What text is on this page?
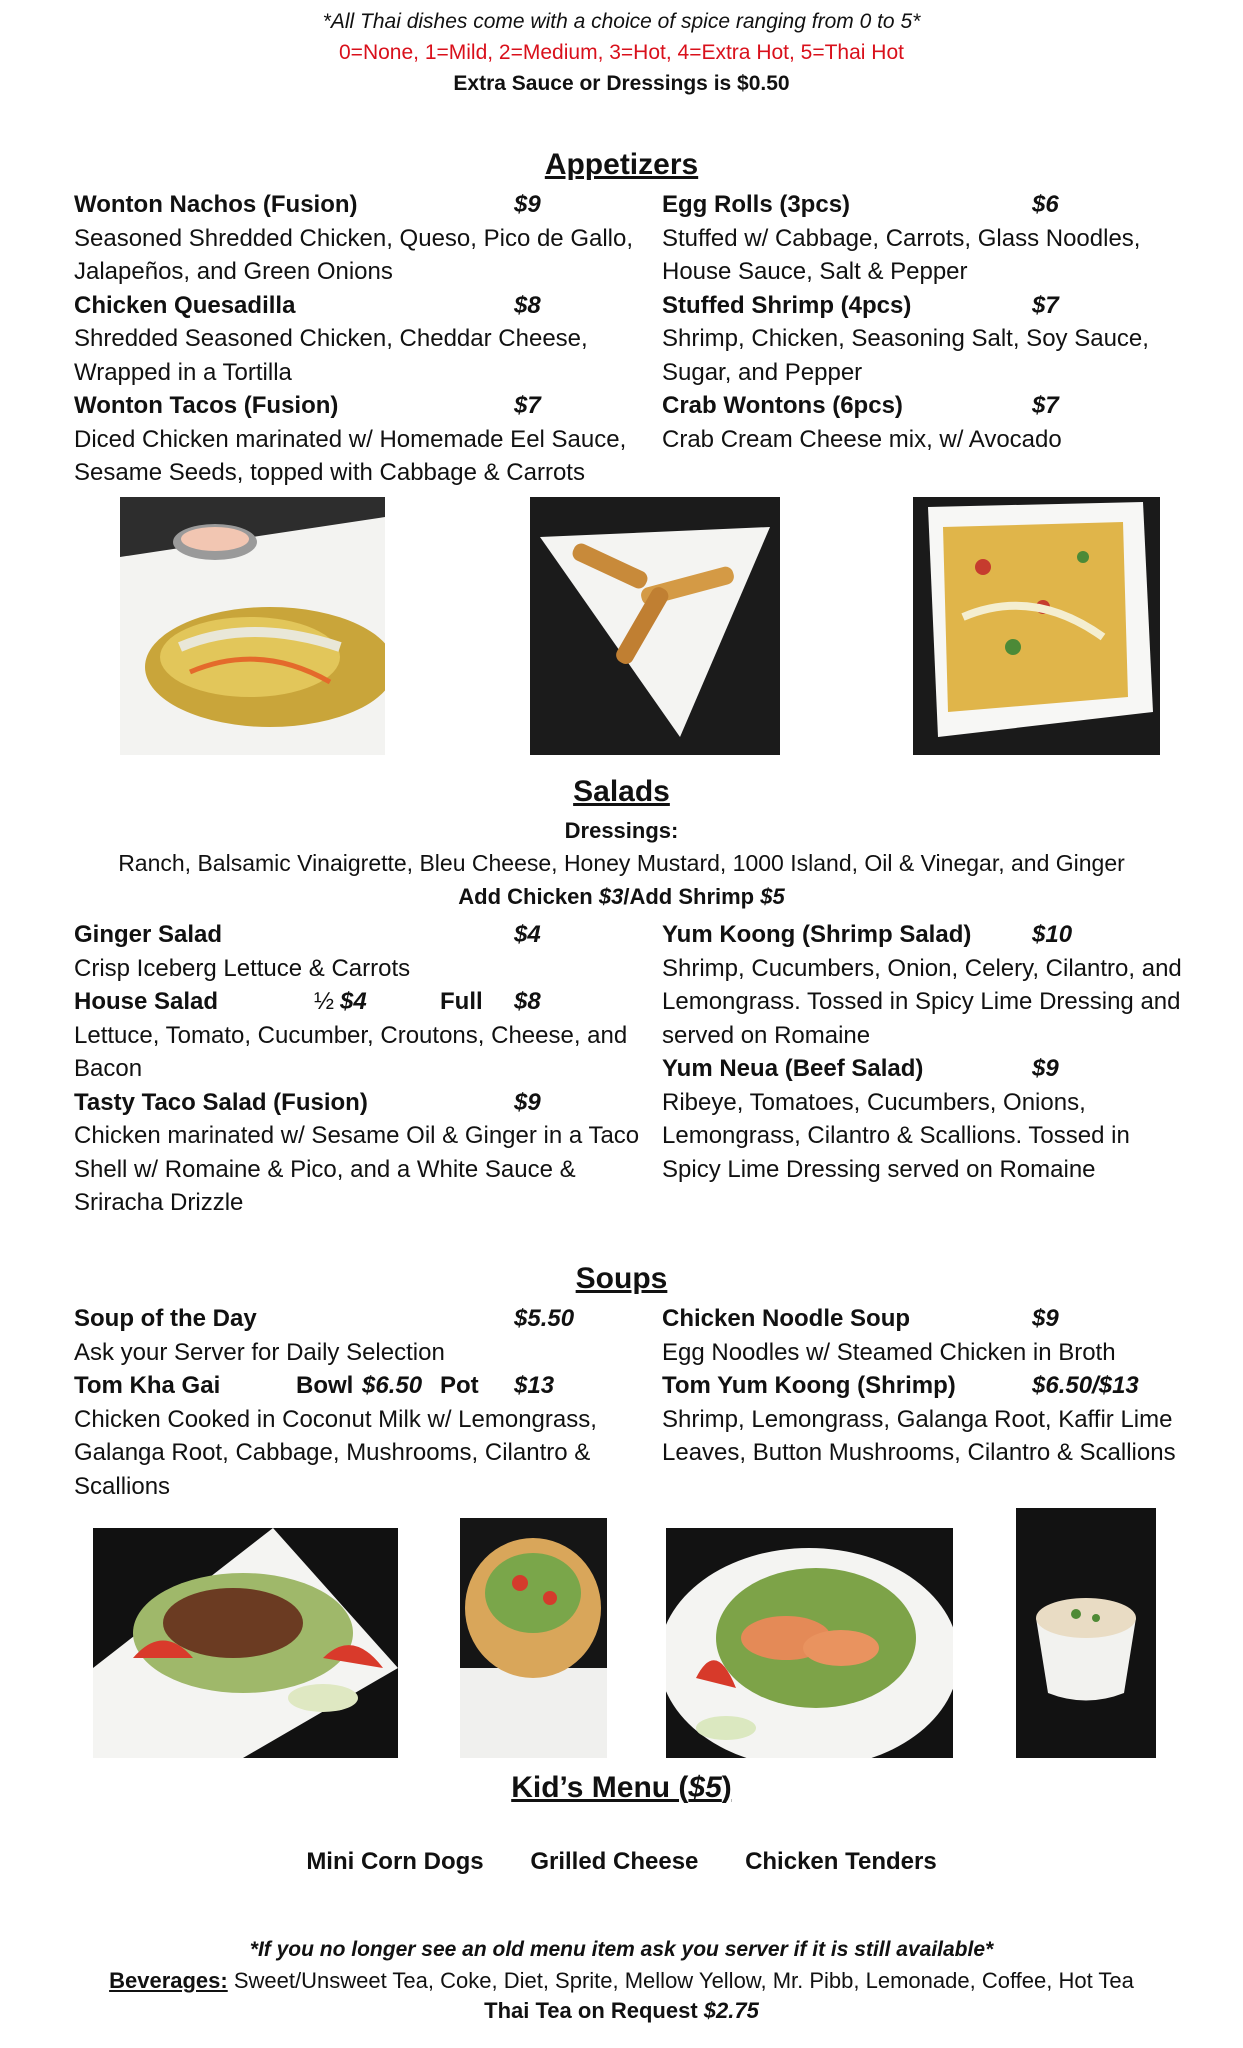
*All Thai dishes come with a choice of spice ranging from 0 to 5*
0=None, 1=Mild, 2=Medium, 3=Hot, 4=Extra Hot, 5=Thai Hot
Extra Sauce or Dressings is $0.50
Appetizers
Wonton Nachos (Fusion)	$9
Seasoned Shredded Chicken, Queso, Pico de Gallo, Jalapeños, and Green Onions
Chicken Quesadilla	$8
Shredded Seasoned Chicken, Cheddar Cheese, Wrapped in a Tortilla
Wonton Tacos (Fusion)	$7
Diced Chicken marinated w/ Homemade Eel Sauce, Sesame Seeds, topped with Cabbage & Carrots
Egg Rolls (3pcs)	$6
Stuffed w/ Cabbage, Carrots, Glass Noodles, House Sauce, Salt & Pepper
Stuffed Shrimp (4pcs)	$7
Shrimp, Chicken, Seasoning Salt, Soy Sauce, Sugar, and Pepper
Crab Wontons (6pcs)	$7
Crab Cream Cheese mix, w/ Avocado
Salads
Dressings:
Ranch, Balsamic Vinaigrette, Bleu Cheese, Honey Mustard, 1000 Island, Oil & Vinegar, and Ginger
Add Chicken $3/Add Shrimp $5
Ginger Salad	$4
Crisp Iceberg Lettuce & Carrots
House Salad	½ $4	Full $8
Lettuce, Tomato, Cucumber, Croutons, Cheese, and Bacon
Tasty Taco Salad (Fusion)	$9
Chicken marinated w/ Sesame Oil & Ginger in a Taco Shell w/ Romaine & Pico, and a White Sauce & Sriracha Drizzle
Yum Koong (Shrimp Salad)	$10
Shrimp, Cucumbers, Onion, Celery, Cilantro, and Lemongrass. Tossed in Spicy Lime Dressing and served on Romaine
Yum Neua (Beef Salad)	$9
Ribeye, Tomatoes, Cucumbers, Onions, Lemongrass, Cilantro & Scallions. Tossed in Spicy Lime Dressing served on Romaine
Soups
Soup of the Day	$5.50
Ask your Server for Daily Selection
Tom Kha Gai	Bowl $6.50 Pot $13
Chicken Cooked in Coconut Milk w/ Lemongrass, Galanga Root, Cabbage, Mushrooms, Cilantro & Scallions
Chicken Noodle Soup	$9
Egg Noodles w/ Steamed Chicken in Broth
Tom Yum Koong (Shrimp)	$6.50/$13
Shrimp, Lemongrass, Galanga Root, Kaffir Lime Leaves, Button Mushrooms, Cilantro & Scallions
Kid’s Menu ($5)
Mini Corn Dogs Grilled Cheese Chicken Tenders
*If you no longer see an old menu item ask you server if it is still available*
Beverages: Sweet/Unsweet Tea, Coke, Diet, Sprite, Mellow Yellow, Mr. Pibb, Lemonade, Coffee, Hot Tea
Thai Tea on Request $2.75
